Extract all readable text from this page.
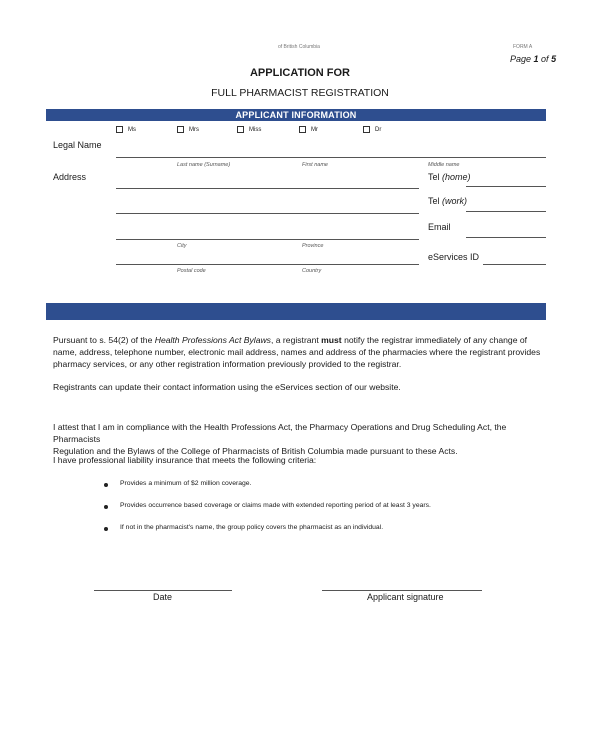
of British Columbia	FORM A
Page 1 of 5
APPLICATION FOR
FULL PHARMACIST REGISTRATION
APPLICANT INFORMATION
Ms	Mrs	Miss	Mr	Dr
Legal Name
Last name (Surname)	First name	Middle name
Address
City	Province
Postal code	Country
Tel (home)
Tel (work)
Email
eServices ID
Pursuant to s. 54(2) of the Health Professions Act Bylaws, a registrant must notify the registrar immediately of any change of
name, address, telephone number, electronic mail address, names and address of the pharmacies where the registrant provides
pharmacy services, or any other registration information previously provided to the registrar.
Registrants can update their contact information using the eServices section of our website.
I attest that I am in compliance with the Health Professions Act, the Pharmacy Operations and Drug Scheduling Act, the Pharmacists
Regulation and the Bylaws of the College of Pharmacists of British Columbia made pursuant to these Acts.
I have professional liability insurance that meets the following criteria:
Provides a minimum of $2 million coverage.
Provides occurrence based coverage or claims made with extended reporting period of at least 3 years.
If not in the pharmacist's name, the group policy covers the pharmacist as an individual.
Date	Applicant signature
